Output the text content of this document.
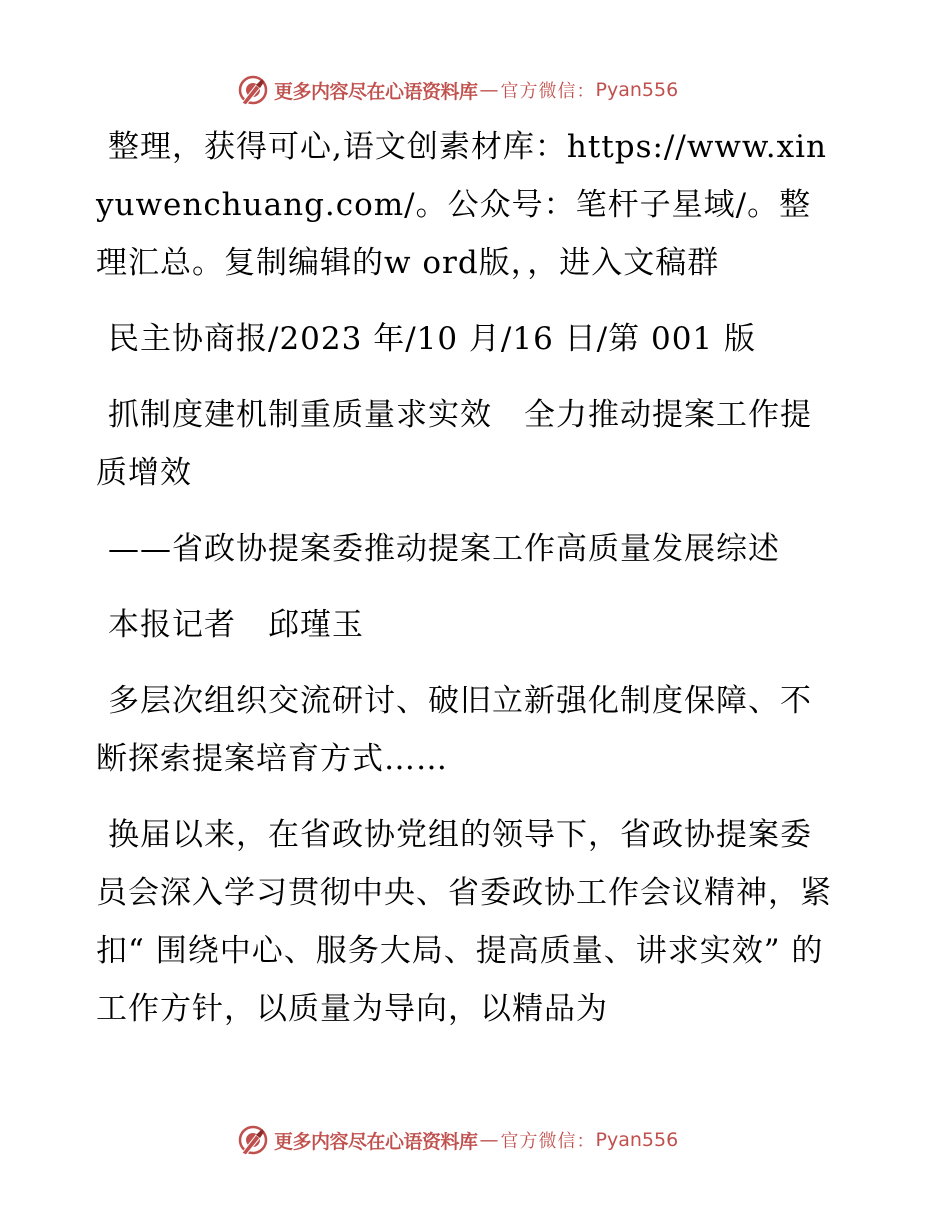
更多内容尽在心语资料库 — 官方微信： Pyan556

整理，获得可心,语文创素材库：https://www.xinyuwenchuang.com/。公众号：笔杆子星域/。整理汇总。复制编辑的w ord版，，进入文稿群

民主协商报/2023 年/10 月/16 日/第 001 版

抓制度建机制重质量求实效　全力推动提案工作提质增效

——省政协提案委推动提案工作高质量发展综述

本报记者　邱瑾玉

多层次组织交流研讨、破旧立新强化制度保障、不断探索提案培育方式……

换届以来，在省政协党组的领导下，省政协提案委员会深入学习贯彻中央、省委政协工作会议精神，紧扣“ 围绕中心、服务大局、提高质量、讲求实效” 的工作方针，以质量为导向，以精品为

更多内容尽在心语资料库 — 官方微信： Pyan556
